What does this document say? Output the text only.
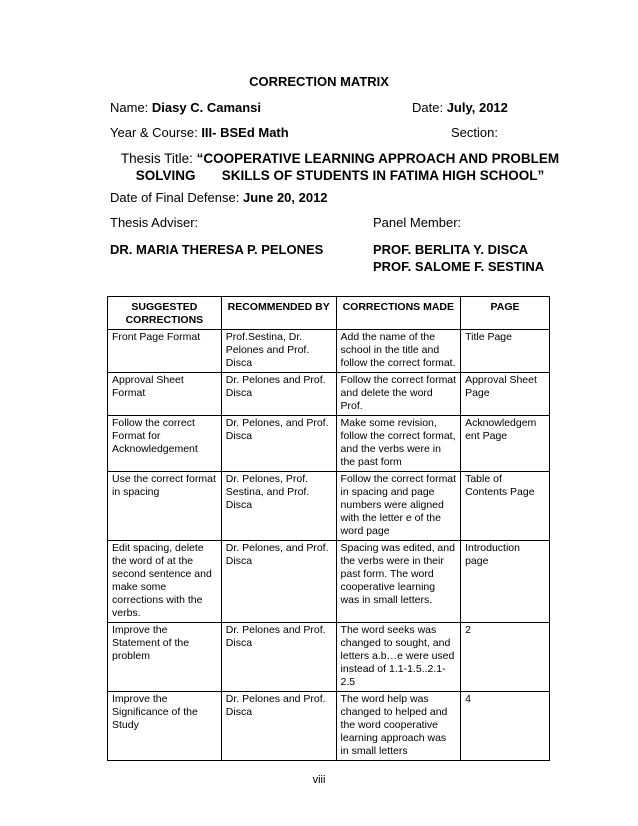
CORRECTION MATRIX
Name: Diasy C. Camansi	Date: July, 2012
Year & Course: III- BSEd Math	Section:
Thesis Title: “COOPERATIVE LEARNING APPROACH AND PROBLEM
SOLVING       SKILLS OF STUDENTS IN FATIMA HIGH SCHOOL”
Date of Final Defense: June 20, 2012
Thesis Adviser:	Panel Member:
DR. MARIA THERESA P. PELONES	PROF. BERLITA Y. DISCA
PROF. SALOME F. SESTINA
SUGGESTED CORRECTIONS	RECOMMENDED BY	CORRECTIONS MADE	PAGE
Front Page Format	Prof.Sestina, Dr. Pelones and Prof. Disca	Add the name of the school in the title and follow the correct format.	Title Page
Approval Sheet Format	Dr. Pelones and Prof. Disca	Follow the correct format and delete the word Prof.	Approval Sheet Page
Follow the correct Format for Acknowledgement	Dr. Pelones, and Prof. Disca	Make some revision, follow the correct format, and the verbs were in the past form	Acknowledgem ent Page
Use the correct format in spacing	Dr. Pelones, Prof. Sestina, and Prof. Disca	Follow the correct format in spacing and page numbers were aligned with the letter e of the word page	Table of Contents Page
Edit spacing, delete the word of at the second sentence and make some corrections with the verbs.	Dr. Pelones, and Prof. Disca	Spacing was edited, and the verbs were in their past form. The word cooperative learning was in small letters.	Introduction page
Improve the Statement of the problem	Dr. Pelones and Prof. Disca	The word seeks was changed to sought, and letters a.b…e were used instead of 1.1-1.5..2.1-2.5	2
Improve the Significance of the Study	Dr. Pelones and Prof. Disca	The word help was changed to helped and the word cooperative learning approach was in small letters	4
viii
